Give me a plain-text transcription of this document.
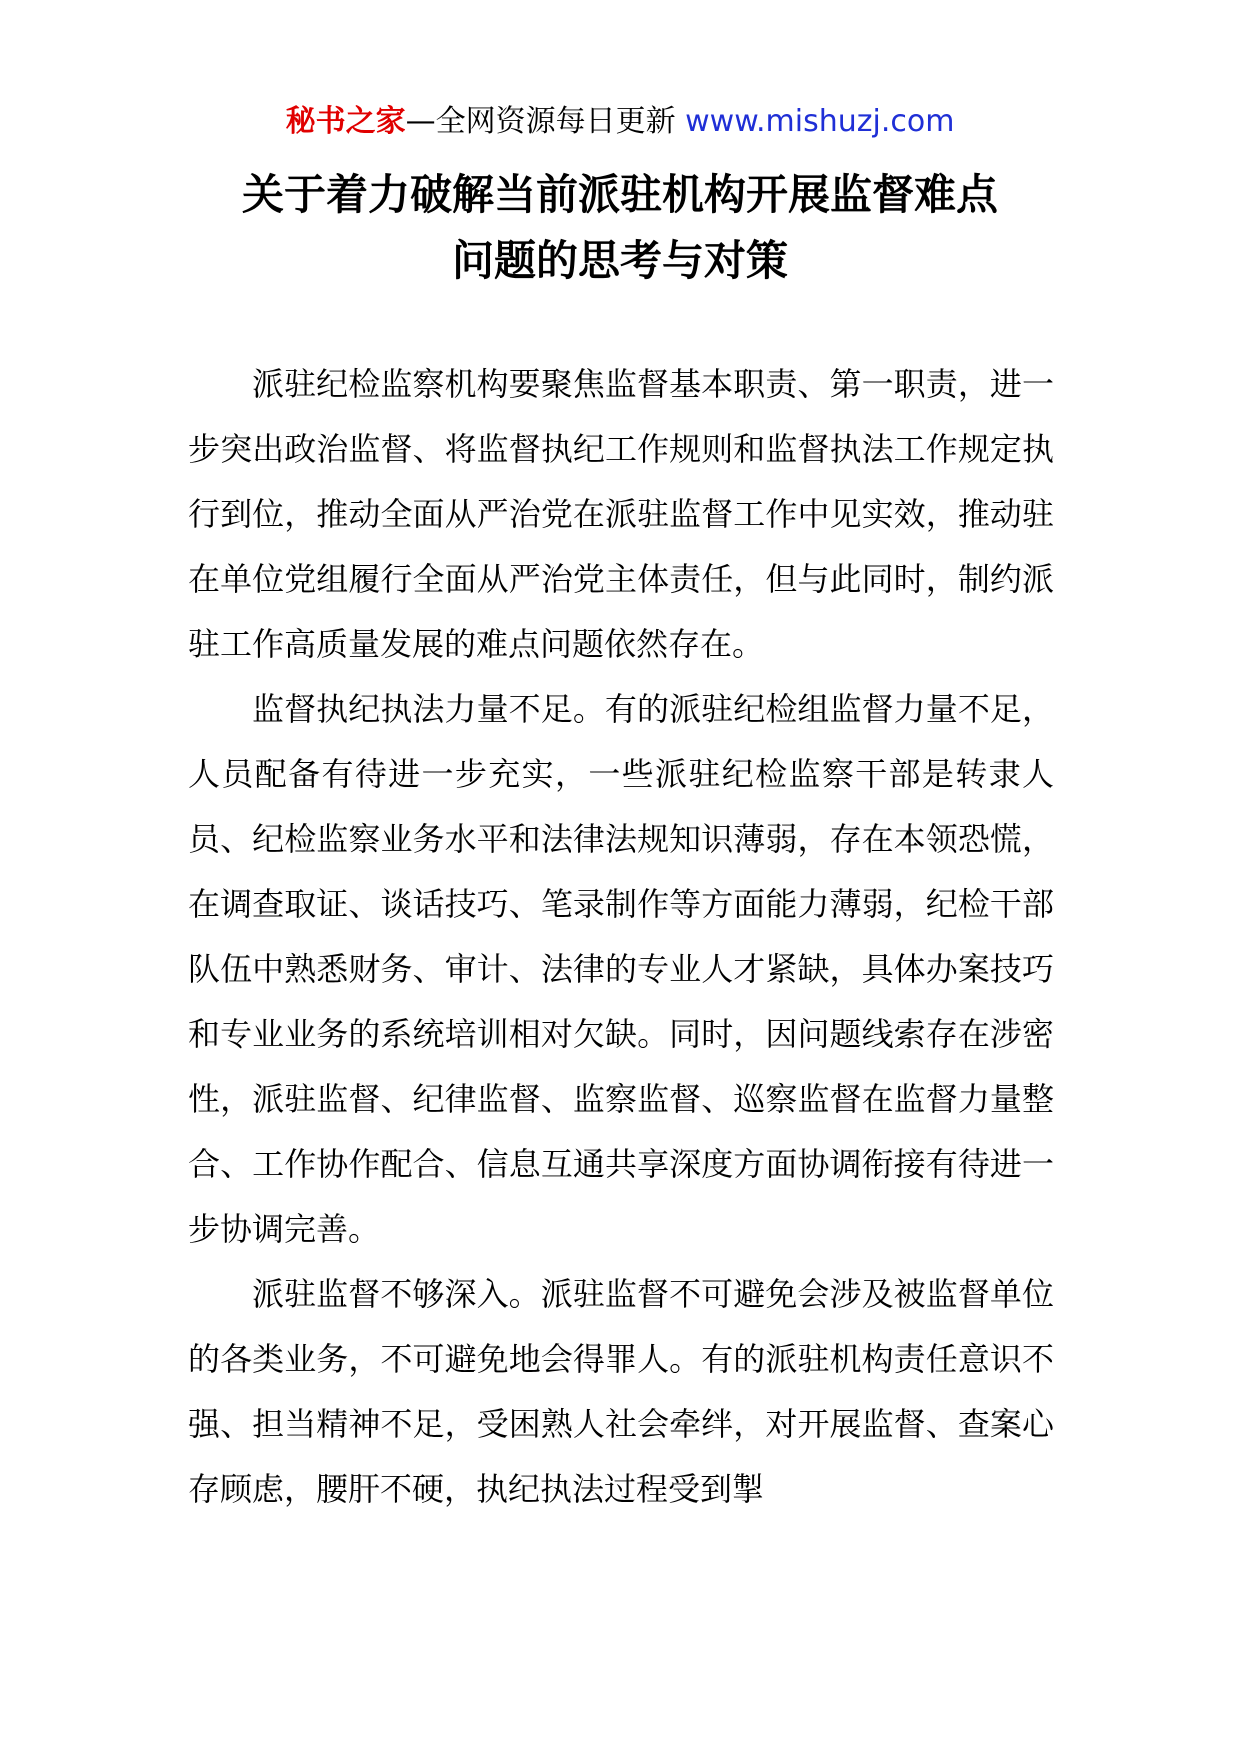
秘书之家—全网资源每日更新 www.mishuzj.com
关于着力破解当前派驻机构开展监督难点
问题的思考与对策

派驻纪检监察机构要聚焦监督基本职责、第一职责，进一步突出政治监督、将监督执纪工作规则和监督执法工作规定执行到位，推动全面从严治党在派驻监督工作中见实效，推动驻在单位党组履行全面从严治党主体责任，但与此同时，制约派驻工作高质量发展的难点问题依然存在。

监督执纪执法力量不足。有的派驻纪检组监督力量不足，人员配备有待进一步充实，一些派驻纪检监察干部是转隶人员、纪检监察业务水平和法律法规知识薄弱，存在本领恐慌，在调查取证、谈话技巧、笔录制作等方面能力薄弱，纪检干部队伍中熟悉财务、审计、法律的专业人才紧缺，具体办案技巧和专业业务的系统培训相对欠缺。同时，因问题线索存在涉密性，派驻监督、纪律监督、监察监督、巡察监督在监督力量整合、工作协作配合、信息互通共享深度方面协调衔接有待进一步协调完善。

派驻监督不够深入。派驻监督不可避免会涉及被监督单位的各类业务，不可避免地会得罪人。有的派驻机构责任意识不强、担当精神不足，受困熟人社会牵绊，对开展监督、查案心存顾虑，腰肝不硬，执纪执法过程受到掣
